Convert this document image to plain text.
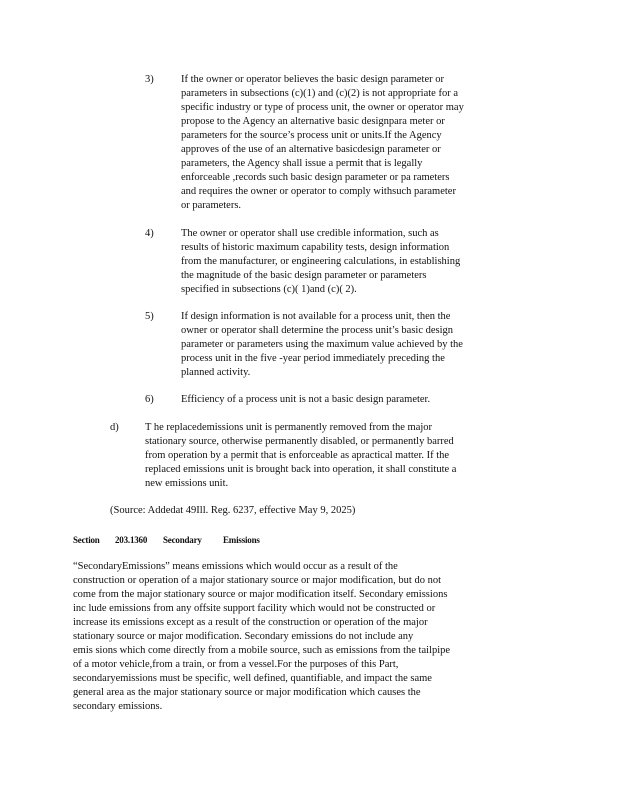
3)	If the owner or operator believes the basic design parameter or
parameters in subsections (c)(1) and (c)(2) is not appropriate for a
specific industry or type of process unit, the owner or operator may
propose to the Agency an alternative basic designpara meter or
parameters for the source’s process unit or units.If the Agency
approves of the use of an alternative basicdesign parameter or
parameters, the Agency shall issue a permit that is legally
enforceable ,records such basic design parameter or pa rameters
and requires the owner or operator to comply withsuch parameter
or parameters.
4)	The owner or operator shall use credible information, such as
results of historic maximum capability tests, design information
from the manufacturer, or engineering calculations, in establishing
the magnitude of the basic design parameter or parameters
specified in subsections (c)( 1)and (c)( 2).
5)	If design information is not available for a process unit, then the
owner or operator shall determine the process unit’s basic design
parameter or parameters using the maximum value achieved by the
process unit in the five -year period immediately preceding the
planned activity.
6)	Efficiency of a process unit is not a basic design parameter.
d)	T he replacedemissions unit is permanently removed from the major
stationary source, otherwise permanently disabled, or permanently barred
from operation by a permit that is enforceable as apractical matter. If the
replaced emissions unit is brought back into operation, it shall constitute a
new emissions unit.
(Source: Addedat 49Ill. Reg. 6237, effective May 9, 2025)
Section 203.1360 Secondary Emissions
“SecondaryEmissions” means emissions which would occur as a result of the
construction or operation of a major stationary source or major modification, but do not
come from the major stationary source or major modification itself. Secondary emissions
inc lude emissions from any offsite support facility which would not be constructed or
increase its emissions except as a result of the construction or operation of the major
stationary source or major modification. Secondary emissions do not include any
emis sions which come directly from a mobile source, such as emissions from the tailpipe
of a motor vehicle,from a train, or from a vessel.For the purposes of this Part,
secondaryemissions must be specific, well defined, quantifiable, and impact the same
general area as the major stationary source or major modification which causes the
secondary emissions.
